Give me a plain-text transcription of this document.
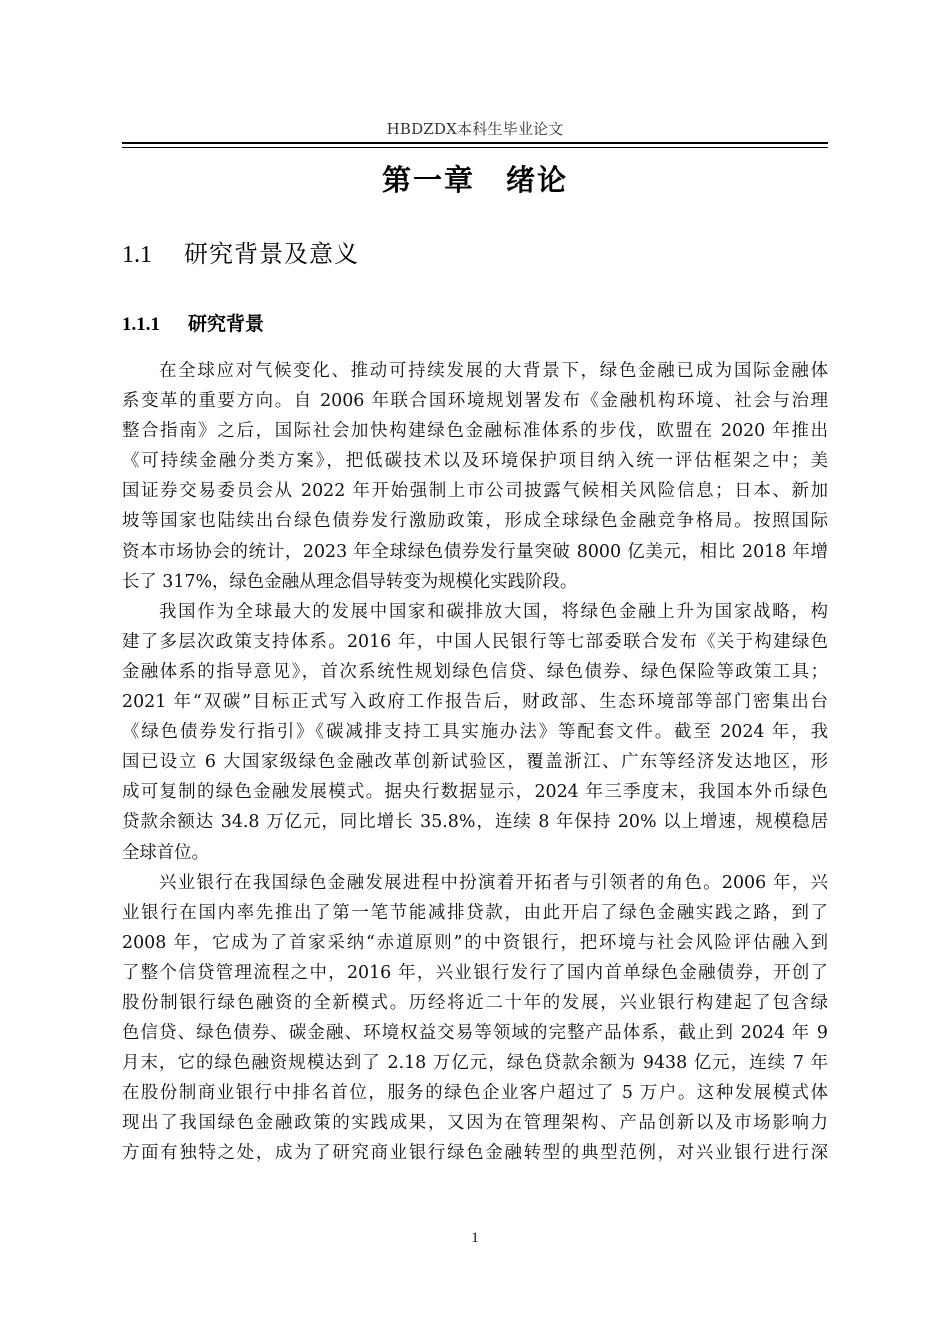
HBDZDX本科生毕业论文
第一章　绪论
1.1 研究背景及意义
1.1.1 研究背景
在全球应对气候变化、推动可持续发展的大背景下，绿色金融已成为国际金融体
系变革的重要方向。自 2006 年联合国环境规划署发布《金融机构环境、社会与治理
整合指南》之后，国际社会加快构建绿色金融标准体系的步伐，欧盟在 2020 年推出
《可持续金融分类方案》，把低碳技术以及环境保护项目纳入统一评估框架之中；美
国证券交易委员会从 2022 年开始强制上市公司披露气候相关风险信息；日本、新加
坡等国家也陆续出台绿色债券发行激励政策，形成全球绿色金融竞争格局。按照国际
资本市场协会的统计，2023 年全球绿色债券发行量突破 8000 亿美元，相比 2018 年增
长了 317%，绿色金融从理念倡导转变为规模化实践阶段。
我国作为全球最大的发展中国家和碳排放大国，将绿色金融上升为国家战略，构
建了多层次政策支持体系。2016 年，中国人民银行等七部委联合发布《关于构建绿色
金融体系的指导意见》，首次系统性规划绿色信贷、绿色债券、绿色保险等政策工具；
2021 年“双碳”目标正式写入政府工作报告后，财政部、生态环境部等部门密集出台
《绿色债券发行指引》《碳减排支持工具实施办法》等配套文件。截至 2024 年，我
国已设立 6 大国家级绿色金融改革创新试验区，覆盖浙江、广东等经济发达地区，形
成可复制的绿色金融发展模式。据央行数据显示，2024 年三季度末，我国本外币绿色
贷款余额达 34.8 万亿元，同比增长 35.8%，连续 8 年保持 20% 以上增速，规模稳居
全球首位。
兴业银行在我国绿色金融发展进程中扮演着开拓者与引领者的角色。2006 年，兴
业银行在国内率先推出了第一笔节能减排贷款，由此开启了绿色金融实践之路，到了
2008 年，它成为了首家采纳“赤道原则”的中资银行，把环境与社会风险评估融入到
了整个信贷管理流程之中，2016 年，兴业银行发行了国内首单绿色金融债券，开创了
股份制银行绿色融资的全新模式。历经将近二十年的发展，兴业银行构建起了包含绿
色信贷、绿色债券、碳金融、环境权益交易等领域的完整产品体系，截止到 2024 年 9
月末，它的绿色融资规模达到了 2.18 万亿元，绿色贷款余额为 9438 亿元，连续 7 年
在股份制商业银行中排名首位，服务的绿色企业客户超过了 5 万户。这种发展模式体
现出了我国绿色金融政策的实践成果，又因为在管理架构、产品创新以及市场影响力
方面有独特之处，成为了研究商业银行绿色金融转型的典型范例，对兴业银行进行深
1
